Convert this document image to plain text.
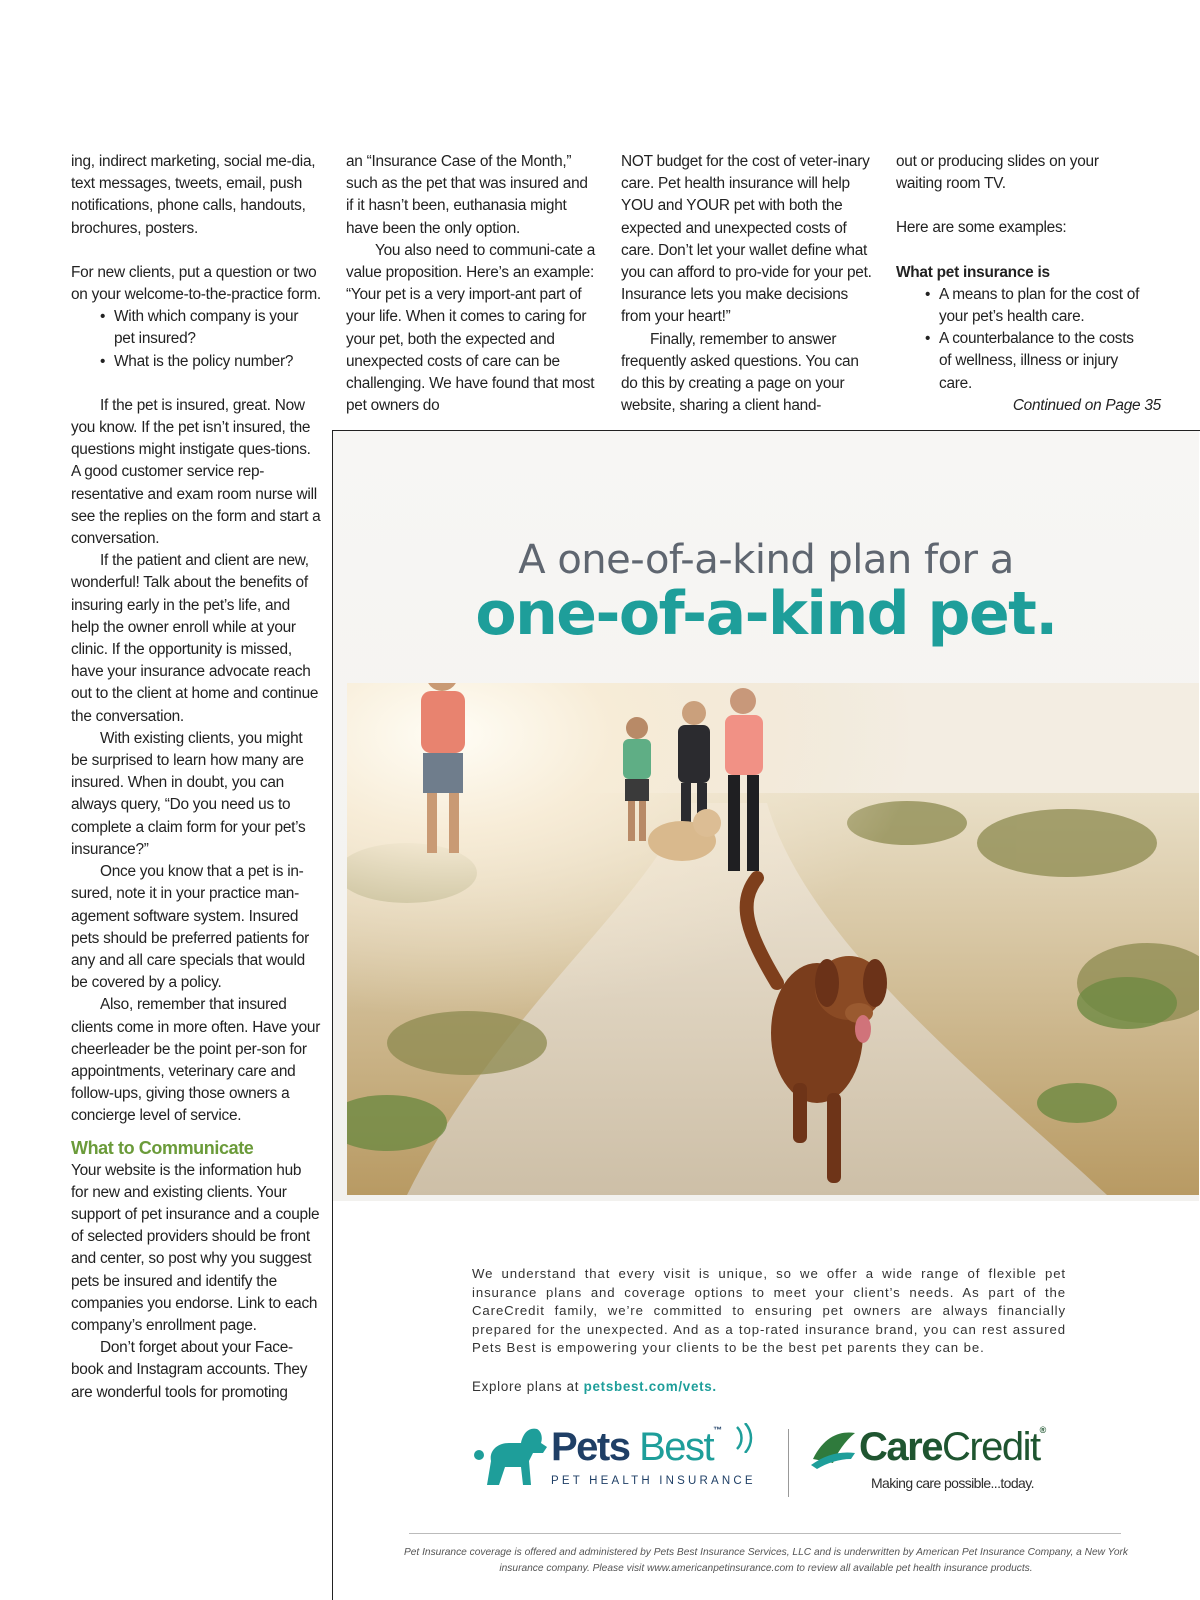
ing, indirect marketing, social me-dia, text messages, tweets, email, push notifications, phone calls, handouts, brochures, posters.

For new clients, put a question or two on your welcome-to-the-practice form.

• With which company is your pet insured?
• What is the policy number?

If the pet is insured, great. Now you know. If the pet isn’t insured, the questions might instigate ques-tions. A good customer service rep-resentative and exam room nurse will see the replies on the form and start a conversation.

If the patient and client are new, wonderful! Talk about the benefits of insuring early in the pet’s life, and help the owner enroll while at your clinic. If the opportunity is missed, have your insurance advocate reach out to the client at home and continue the conversation.

With existing clients, you might be surprised to learn how many are insured. When in doubt, you can always query, “Do you need us to complete a claim form for your pet’s insurance?”

Once you know that a pet is in-sured, note it in your practice man-agement software system. Insured pets should be preferred patients for any and all care specials that would be covered by a policy.

Also, remember that insured clients come in more often. Have your cheerleader be the point per-son for appointments, veterinary care and follow-ups, giving those owners a concierge level of service.

What to Communicate

Your website is the information hub for new and existing clients. Your support of pet insurance and a couple of selected providers should be front and center, so post why you suggest pets be insured and identify the companies you endorse. Link to each company’s enrollment page.

Don’t forget about your Face-book and Instagram accounts. They are wonderful tools for promoting

an “Insurance Case of the Month,” such as the pet that was insured and if it hasn’t been, euthanasia might have been the only option.

You also need to communi-cate a value proposition. Here’s an example: “Your pet is a very import-ant part of your life. When it comes to caring for your pet, both the expected and unexpected costs of care can be challenging. We have found that most pet owners do

NOT budget for the cost of veter-inary care. Pet health insurance will help YOU and YOUR pet with both the expected and unexpected costs of care. Don’t let your wallet define what you can afford to pro-vide for your pet. Insurance lets you make decisions from your heart!”

Finally, remember to answer frequently asked questions. You can do this by creating a page on your website, sharing a client hand-

out or producing slides on your waiting room TV.

Here are some examples:

What pet insurance is

• A means to plan for the cost of your pet’s health care.
• A counterbalance to the costs of wellness, illness or injury care.

Continued on Page 35

A one-of-a-kind plan for a
one-of-a-kind pet.

We understand that every visit is unique, so we offer a wide range of flexible pet insurance plans and coverage options to meet your client’s needs. As part of the CareCredit family, we’re committed to ensuring pet owners are always financially prepared for the unexpected. And as a top-rated insurance brand, you can rest assured Pets Best is empowering your clients to be the best pet parents they can be.

Explore plans at petsbest.com/vets.

Pets Best™
PET HEALTH INSURANCE
CareCredit®
Making care possible...today.

Pet Insurance coverage is offered and administered by Pets Best Insurance Services, LLC and is underwritten by American Pet Insurance Company, a New York insurance company. Please visit www.americanpetinsurance.com to review all available pet health insurance products.
